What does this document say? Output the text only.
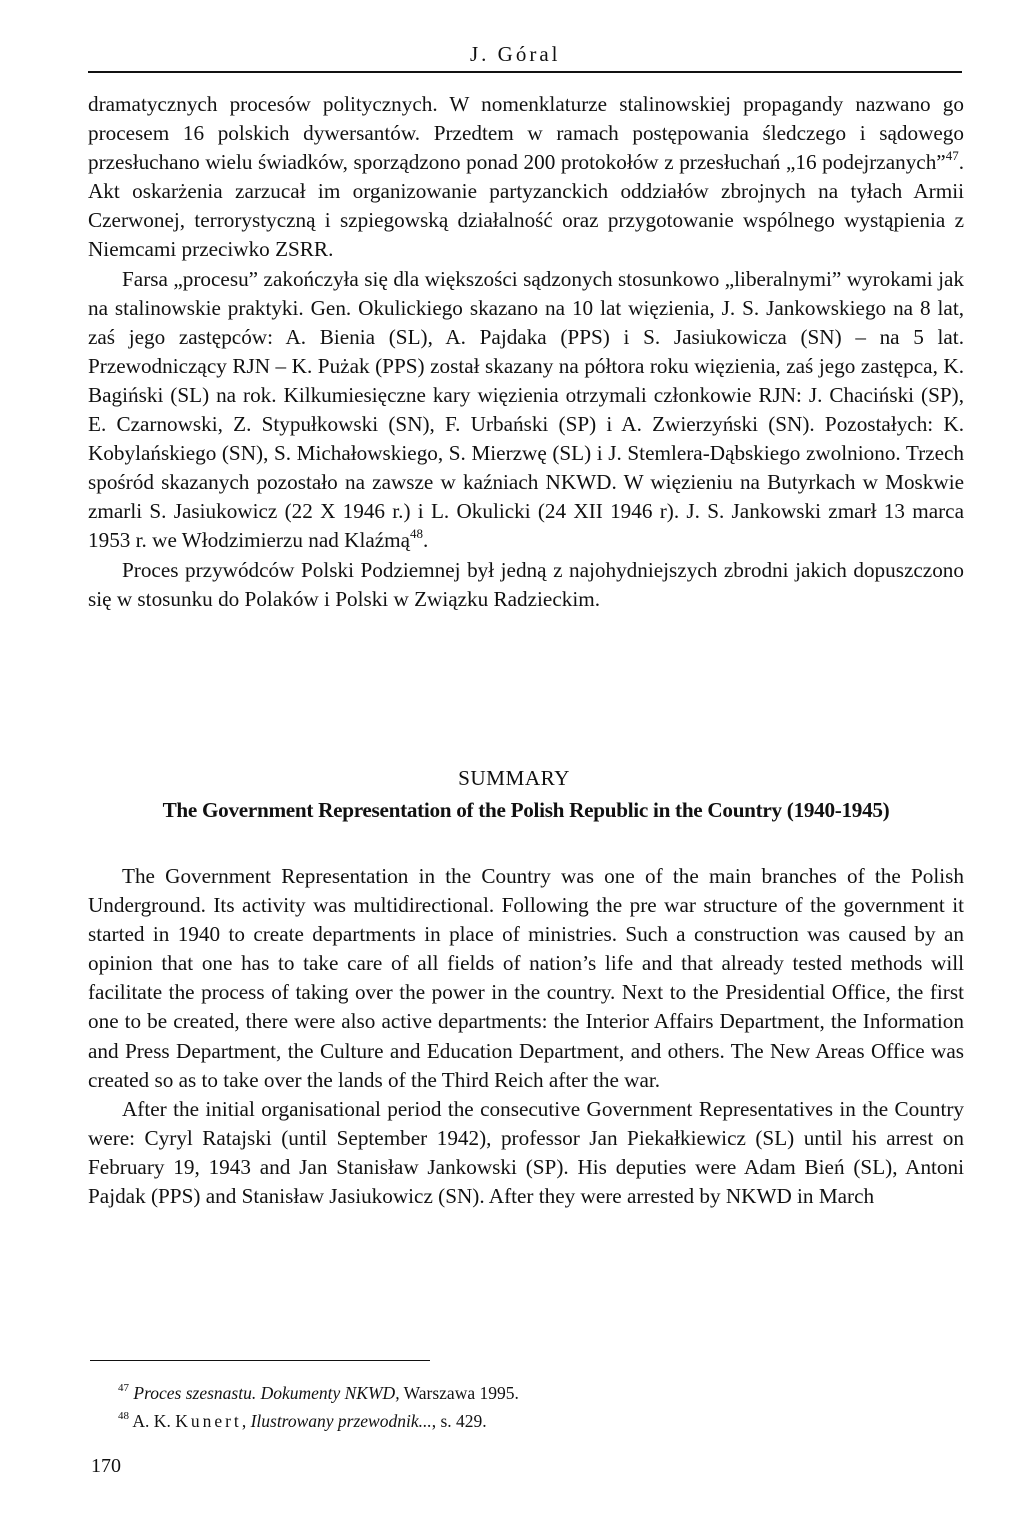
J. Góral

dramatycznych procesów politycznych. W nomenklaturze stalinowskiej propagandy nazwano go procesem 16 polskich dywersantów. Przedtem w ramach postępowania śledczego i sądowego przesłuchano wielu świadków, sporządzono ponad 200 protokołów z przesłuchań „16 podejrzanych”$^{47}$. Akt oskarżenia zarzucał im organizowanie partyzanckich oddziałów zbrojnych na tyłach Armii Czerwonej, terrorystyczną i szpiegowską działalność oraz przygotowanie wspólnego wystąpienia z Niemcami przeciwko ZSRR.

Farsa „procesu” zakończyła się dla większości sądzonych stosunkowo „liberalnymi” wyrokami jak na stalinowskie praktyki. Gen. Okulickiego skazano na 10 lat więzienia, J. S. Jankowskiego na 8 lat, zaś jego zastępców: A. Bienia (SL), A. Pajdaka (PPS) i S. Jasiukowicza (SN) – na 5 lat. Przewodniczący RJN – K. Pużak (PPS) został skazany na półtora roku więzienia, zaś jego zastępca, K. Bagiński (SL) na rok. Kilkumiesięczne kary więzienia otrzymali członkowie RJN: J. Chaciński (SP), E. Czarnowski, Z. Stypułkowski (SN), F. Urbański (SP) i A. Zwierzyński (SN). Pozostałych: K. Kobylańskiego (SN), S. Michałowskiego, S. Mierzwę (SL) i J. Stemlera-Dąbskiego zwolniono. Trzech spośród skazanych pozostało na zawsze w kaźniach NKWD. W więzieniu na Butyrkach w Moskwie zmarli S. Jasiukowicz (22 X 1946 r.) i L. Okulicki (24 XII 1946 r). J. S. Jankowski zmarł 13 marca 1953 r. we Włodzimierzu nad Klaźmą$^{48}$.

Proces przywódców Polski Podziemnej był jedną z najohydniejszych zbrodni jakich dopuszczono się w stosunku do Polaków i Polski w Związku Radzieckim.

SUMMARY
The Government Representation of the Polish Republic in the Country (1940-1945)

The Government Representation in the Country was one of the main branches of the Polish Underground. Its activity was multidirectional. Following the pre war structure of the government it started in 1940 to create departments in place of ministries. Such a construction was caused by an opinion that one has to take care of all fields of nation’s life and that already tested methods will facilitate the process of taking over the power in the country. Next to the Presidential Office, the first one to be created, there were also active departments: the Interior Affairs Department, the Information and Press Department, the Culture and Education Department, and others. The New Areas Office was created so as to take over the lands of the Third Reich after the war.

After the initial organisational period the consecutive Government Representatives in the Country were: Cyryl Ratajski (until September 1942), professor Jan Piekałkiewicz (SL) until his arrest on February 19, 1943 and Jan Stanisław Jankowski (SP). His deputies were Adam Bień (SL), Antoni Pajdak (PPS) and Stanisław Jasiukowicz (SN). After they were arrested by NKWD in March

$^{47}$ Proces szesnastu. Dokumenty NKWD, Warszawa 1995.

$^{48}$ A. K. Kunert, Ilustrowany przewodnik..., s. 429.

170
